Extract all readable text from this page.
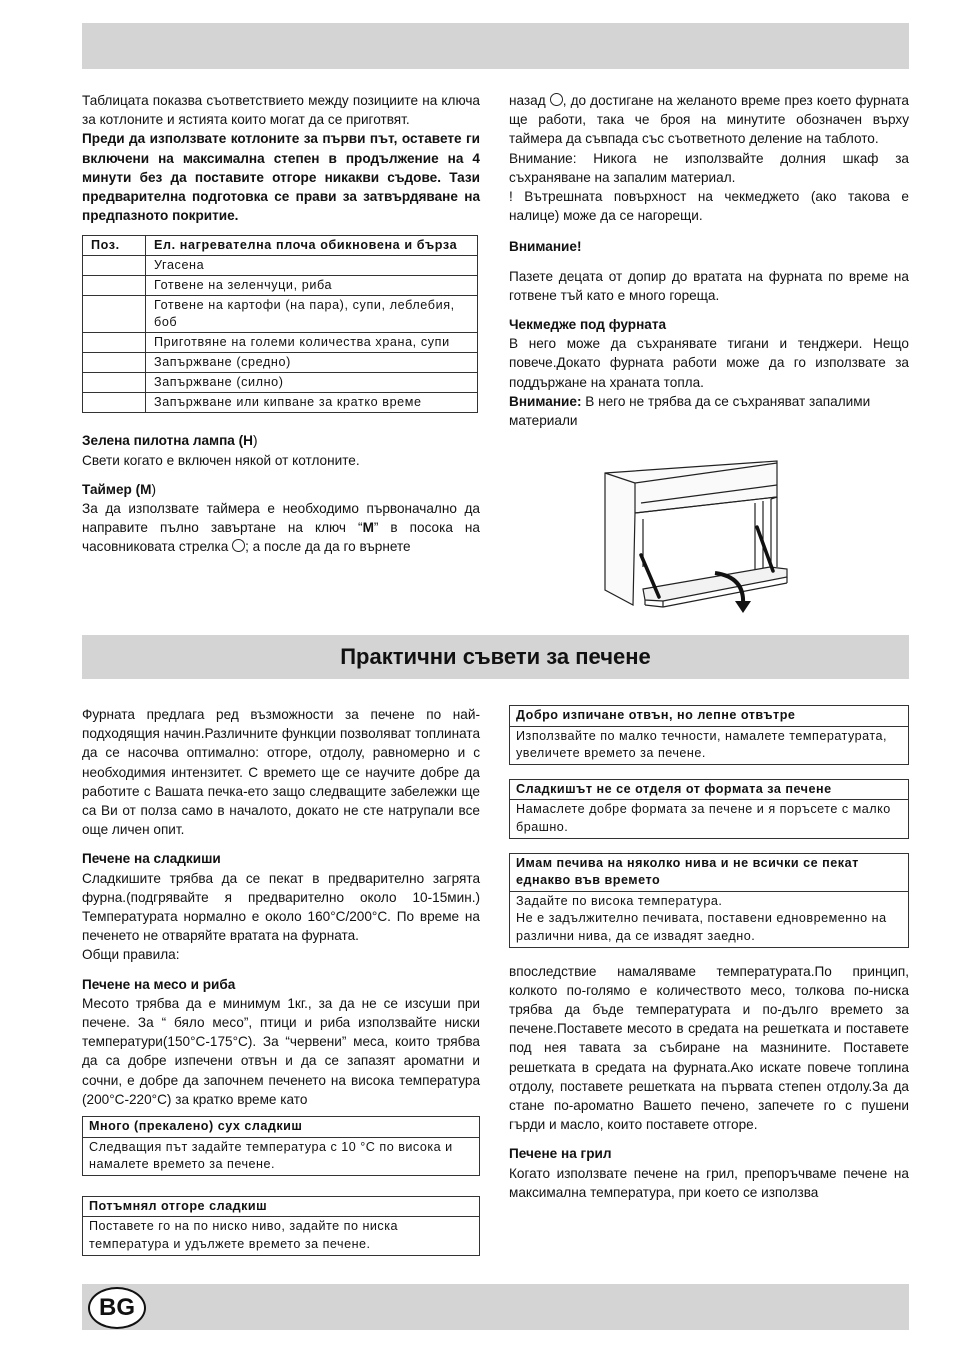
Таблицата показва съответствието между позициите на ключа за котлоните и ястията които могат да се приготвят.

Преди да използвате котлоните за първи път, оставете ги включени на максимална степен в продължение на 4 минути без да поставите отгоре никакви съдове. Тази предварителна подготовка се прави за затвърдяване на предпазното покритие.

Поз.	Ел. нагревателна плоча обикновена и бърза
	Угасена
	Готвене на зеленчуци, риба
	Готвене на картофи (на пара), супи, леблебия, боб
	Приготвяне на големи количества храна, супи
	Запържване (средно)
	Запържване (силно)
	Запържване или кипване за кратко време

Зелена пилотна лампа (H)

Свети когато е включен някой от котлоните.

Таймер (M)

За да използвате таймера е необходимо първоначално да направите пълно завъртане на ключ “M” в посока на часовниковата стрелка ; а после да да го върнете

назад , до достигане на желаното време през което фурната ще работи, така че броя на минутите обозначен върху таймера да съвпада със съответното деление на таблото.

Внимание: Никога не използвайте долния шкаф за съхраняване на запалим материал.

! Вътрешната повърхност на чекмеджето (ако такова е налице) може да се нагорещи.

Внимание!

Пазете децата от допир до вратата на фурната по време на готвене тъй като е много гореща.

Чекмедже под фурната

В него може да съхранявате тигани и тенджери. Нещо повече.Докато фурната работи може да го използвате за поддържане на храната топла.

Внимание: В него не трябва да се съхраняват запалими материали

Практични съвети за печене

Фурната предлага ред възможности за печене по най-подходящия начин.Различните функции позволяват топлината да се насочва оптимално: отгоре, отдолу, равномерно и с необходимия интензитет. С времето ще се научите добре да работите с Вашата печка-ето защо следващите забележки ще са Ви от полза само в началото, докато не сте натрупали все още личен опит.

Печене на сладкиши

Сладкишите трябва да се пекат в предварително загрята фурна.(подгрявайте я предварително около 10-15мин.) Температурата нормално е около 160°C/200°C. По време на печенето не отваряйте вратата на фурната.

Общи правила:

Печене на месо и риба

Месото трябва да е минимум 1кг., за да не се изсуши при печене. За “ бяло месо”, птици и риба използвайте ниски температури(150°C-175°C). За “червени” меса, които трябва да са добре изпечени отвън и да се запазят ароматни и сочни, е добре да започнем печенето на висока температура (200°C-220°C) за кратко време като

Много (прекалено) сух сладкиш
Следващия път задайте температура с 10 °C по висока и намалете времето за печене.
Потъмнял отгоре сладкиш
Поставете го на по ниско ниво, задайте по ниска температура и удължете времето за печене.
Добро изпичане отвън, но лепне отвътре
Използвайте по малко течности, намалете температурата, увеличете времето за печене.
Сладкишът не се отделя от формата за печене
Намаслете добре формата за печене и я поръсете с малко брашно.
Имам печива на няколко нива и не всички се пекат еднакво във времето
Задайте по висока температура.
Не е задължително печивата, поставени едновременно на различни нива, да се извадят заедно.

впоследствие намаляваме температурата.По принцип, колкото по-голямо е количеството месо, толкова по-ниска трябва да бъде температурата и по-дълго времето за печене.Поставете месото в средата на решетката и поставете под нея тавата за събиране на мазнините. Поставете решетката в средата на фурната.Ако искате повече топлина отдолу, поставете решетката на първата степен отдолу.За да стане по-ароматно Вашето печено, запечете го с пушени гърди и масло, които поставете отгоре.

Печене на грил

Когато използвате печене на грил, препоръчваме печене на максимална температура, при което се използва

BG
